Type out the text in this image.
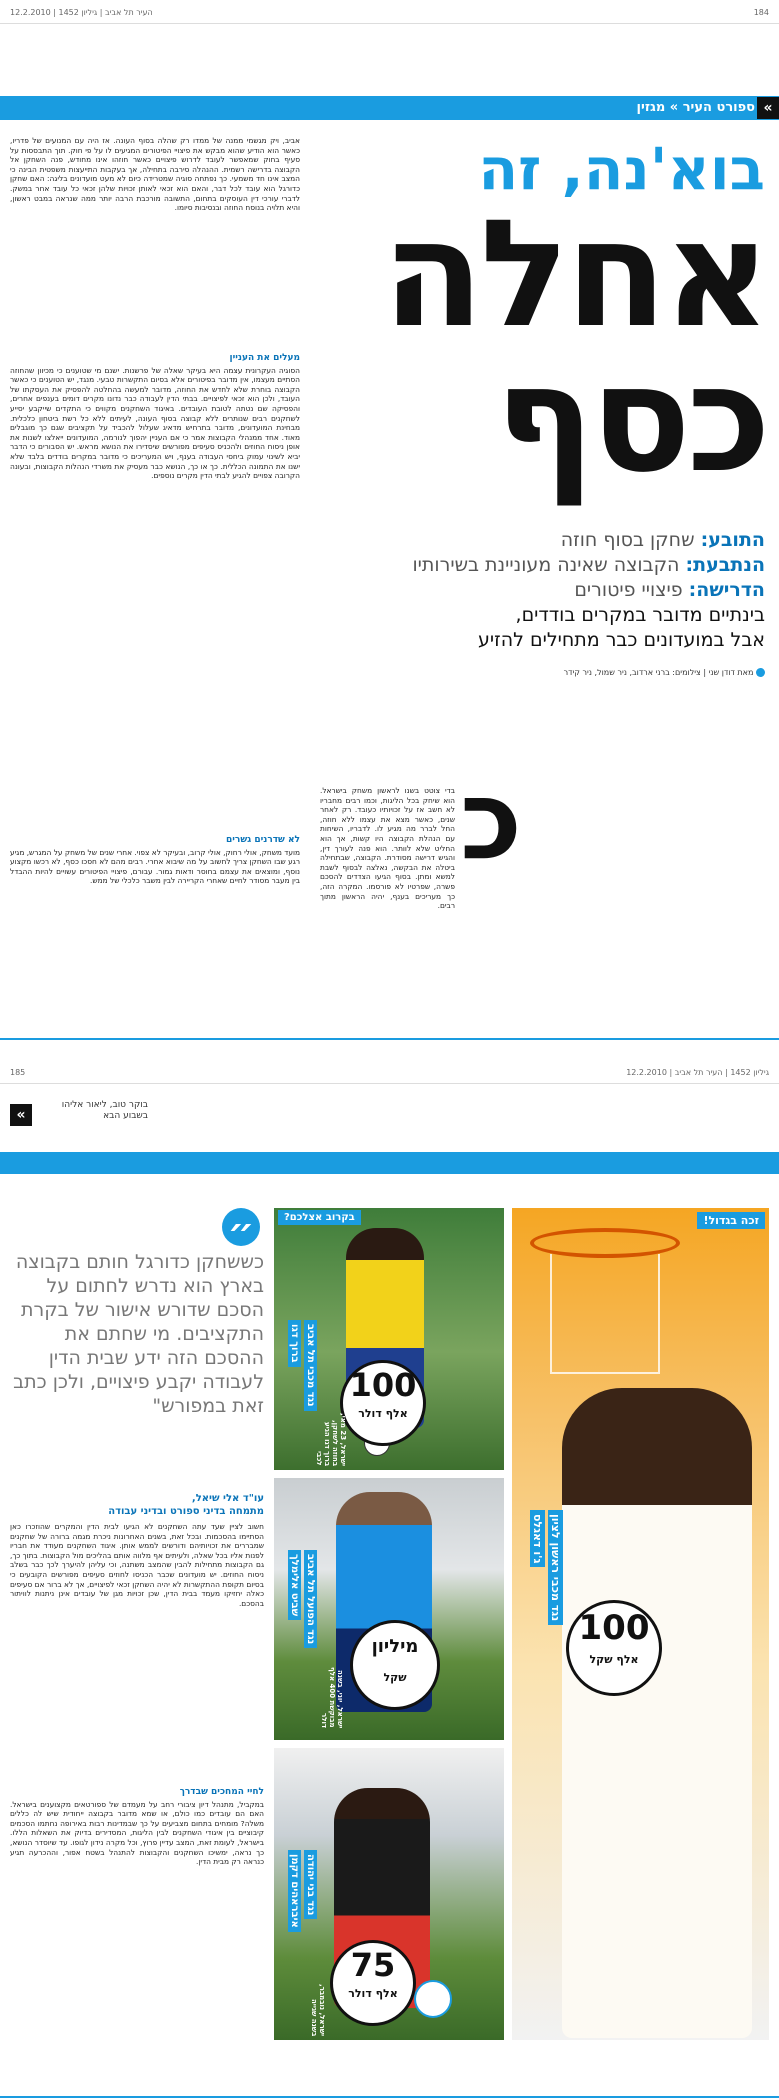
184
העיר תל אביב | גיליון 1452 | 12.2.2010
«
ספורט העיר » מגזין
בוא'נה, זה
אחלה
כסף
התובע: שחקן בסוף חוזה
הנתבעת: הקבוצה שאינה מעוניינת בשירותיו
הדרישה: פיצויי פיטורים
בינתיים מדובר במקרים בודדים,
אבל במועדונים כבר מתחילים להזיע
מאת דודן שני | צילומים: ברני ארדוב, ניר שמול, ניר קידר
אביב, ויק מגשמי ממנה של ממדו רק שהלה בסוף העונה. אז היה עם המנועים של פדריו, כאשר הוא הודיע שהוא מבקש את פיצויי הפיטורים המגיעים לו על פי חוק. תוך התבססות על סעיף בחוק שמאפשר לעובד לדרוש פיצויים כאשר חוזהו אינו מחודש, פנה השחקן אל הקבוצה בדרישה רשמית. ההנהלה סירבה בתחילה, אך בעקבות התייעצות משפטית הבינה כי המצב אינו חד משמעי. כך נפתחה סוגיה שמטרידה כיום לא מעט מועדונים בליגה: האם שחקן כדורגל הוא עובד לכל דבר, והאם הוא זכאי לאותן זכויות שלהן זכאי כל עובד אחר במשק. לדברי עורכי דין העוסקים בתחום, התשובה מורכבת הרבה יותר ממה שנראה במבט ראשון, והיא תלויה בנוסח החוזה ובנסיבות סיומו.
מעלים את העניין
הסוגיה העקרונית עצמה היא בעיקר שאלה של פרשנות. ישנם מי שטוענים כי מכיוון שהחוזה הסתיים מעצמו, אין מדובר בפיטורים אלא בסיום התקשרות טבעי. מנגד, יש הטוענים כי כאשר הקבוצה בוחרת שלא לחדש את החוזה, מדובר למעשה בהחלטה להפסיק את העסקתו של העובד, ולכן הוא זכאי לפיצויים. בבתי הדין לעבודה כבר נדונו מקרים דומים בענפים אחרים, והפסיקה שם נטתה לטובת העובדים. באיגוד השחקנים מקווים כי התקדים שייקבע יסייע לשחקנים רבים שנותרים ללא קבוצה בסוף העונה, לעיתים ללא כל רשת ביטחון כלכלית. מבחינת המועדונים, מדובר בתרחיש מדאיג שעלול להכביד על תקציבים שגם כך מוגבלים מאוד. אחד ממנהלי הקבוצות אמר כי אם העניין יהפוך לנורמה, המועדונים ייאלצו לשנות את אופן ניסוח החוזים ולהכניס סעיפים מפורשים שיסדירו את הנושא מראש. יש הסבורים כי הדבר יביא לשינוי עמוק ביחסי העבודה בענף, ויש המעריכים כי מדובר במקרים בודדים בלבד שלא ישנו את התמונה הכללית. כך או כך, הנושא כבר מעסיק את משרדי הנהלות הקבוצות, ובעונה הקרובה צפויים להגיע לבתי הדין מקרים נוספים.
לא שדרנים גשרים
מועד משחק, אולי רחוק, אולי קרוב, ובעיקר לא צפוי. אחרי שנים של משחק על המגרש, מגיע רגע שבו השחקן צריך לחשוב על מה שיבוא אחרי. רבים מהם לא חסכו כסף, לא רכשו מקצוע נוסף, ומוצאים את עצמם בחוסר ודאות גמור. עבורם, פיצויי הפיטורים עשויים להיות ההבדל בין מעבר מסודר לחיים שאחרי הקריירה לבין משבר כלכלי של ממש. כ
בדי צוטט בשנו לראשון משחק בישראל. הוא שיחק בכל הליגות, וכמו רבים מחבריו לא חשב אז על זכויותיו כעובד. רק לאחר שנים, כאשר מצא את עצמו ללא חוזה, החל לברר מה מגיע לו. לדבריו, השיחות עם הנהלת הקבוצה היו קשות, אך הוא החליט שלא לוותר. הוא פנה לעורך דין, והגיש דרישה מסודרת. הקבוצה, שבתחילה ביטלה את הבקשה, נאלצה לבסוף לשבת למשא ומתן. בסוף הגיעו הצדדים להסכם פשרה, שפרטיו לא פורסמו. המקרה הזה, כך מעריכים בענף, יהיה הראשון מתוך רבים.
185	12.2.2010 | גיליון 1452 | העיר תל אביב
«
בוקר טוב, ליאור אליהו בשבוע הבא
״
כששחקן כדורגל חותם בקבוצה בארץ הוא נדרש לחתום על הסכם שדורש אישור של בקרת התקציבים. מי שחתם את ההסכם הזה ידע שבית הדין לעבודה יקבע פיצויים, ולכן כתב זאת במפורש"
עו"ד אלי שיאל,
מתמחה בדיני ספורט ובדיני עבודה
חשוב לציין שעד עתה השחקנים לא הגיעו לבית הדין והמקרים שהוזכרו כאן הסתיימו בהסכמות. ובכל זאת, בשנים האחרונות ניכרת מגמה ברורה של שחקנים שמבררים את זכויותיהם ודורשים לממש אותן. איגוד השחקנים מעודד את חבריו לפנות אליו בכל שאלה, ולעיתים אף מלווה אותם בהליכים מול הקבוצות. בתוך כך, גם הקבוצות מתחילות להבין שהמצב משתנה, וכי עליהן להיערך לכך כבר בשלב ניסוח החוזים. יש מועדונים שכבר הכניסו לחוזים סעיפים מפורשים הקובעים כי בסיום תקופת ההתקשרות לא יהיה השחקן זכאי לפיצויים, אך לא ברור אם סעיפים כאלה יחזיקו מעמד בבית הדין, שכן זכויות מגן של עובדים אינן ניתנות לוויתור בהסכם.
לחיי המחכים שבדרך
במקביל, מתנהל דיון ציבורי רחב על מעמדם של ספורטאים מקצוענים בישראל. האם הם עובדים כמו כולם, או שמא מדובר בקבוצה ייחודית שיש לה כללים משלה? מומחים בתחום מצביעים על כך שבמדינות רבות באירופה נחתמו הסכמים קיבוציים בין איגודי השחקנים לבין הליגות, המסדירים בדיוק את השאלות הללו. בישראל, לעומת זאת, המצב עדיין פרוץ, וכל מקרה נידון לגופו. עד שיוסדר הנושא, כך נראה, ימשיכו השחקנים והקבוצות להתנהל בשטח אפור, וההכרעה תגיע כנראה רק מבית הדין.
בקרוב אצלכם?
ברוך דגו נגד מכבי תל אביב 100
אלף דולר
ישראל, 23 מאי, בחוזה לשחקן, ברוך דגו הגיע לכבי
שביט אלימלך נגד הפועל תל אביב
מיליון
שקל
ישראל, יוני, בשנה מבוקשת 400 אלף דולר
איבראהים דקמן נגד בני יהודה
75
אלף דולר
ישראל, נובמבר, בשנה שגייה
זכה בגדול!
ג'ו דאגלס נגד מכבי ראשון לציון
100
אלף שקל
